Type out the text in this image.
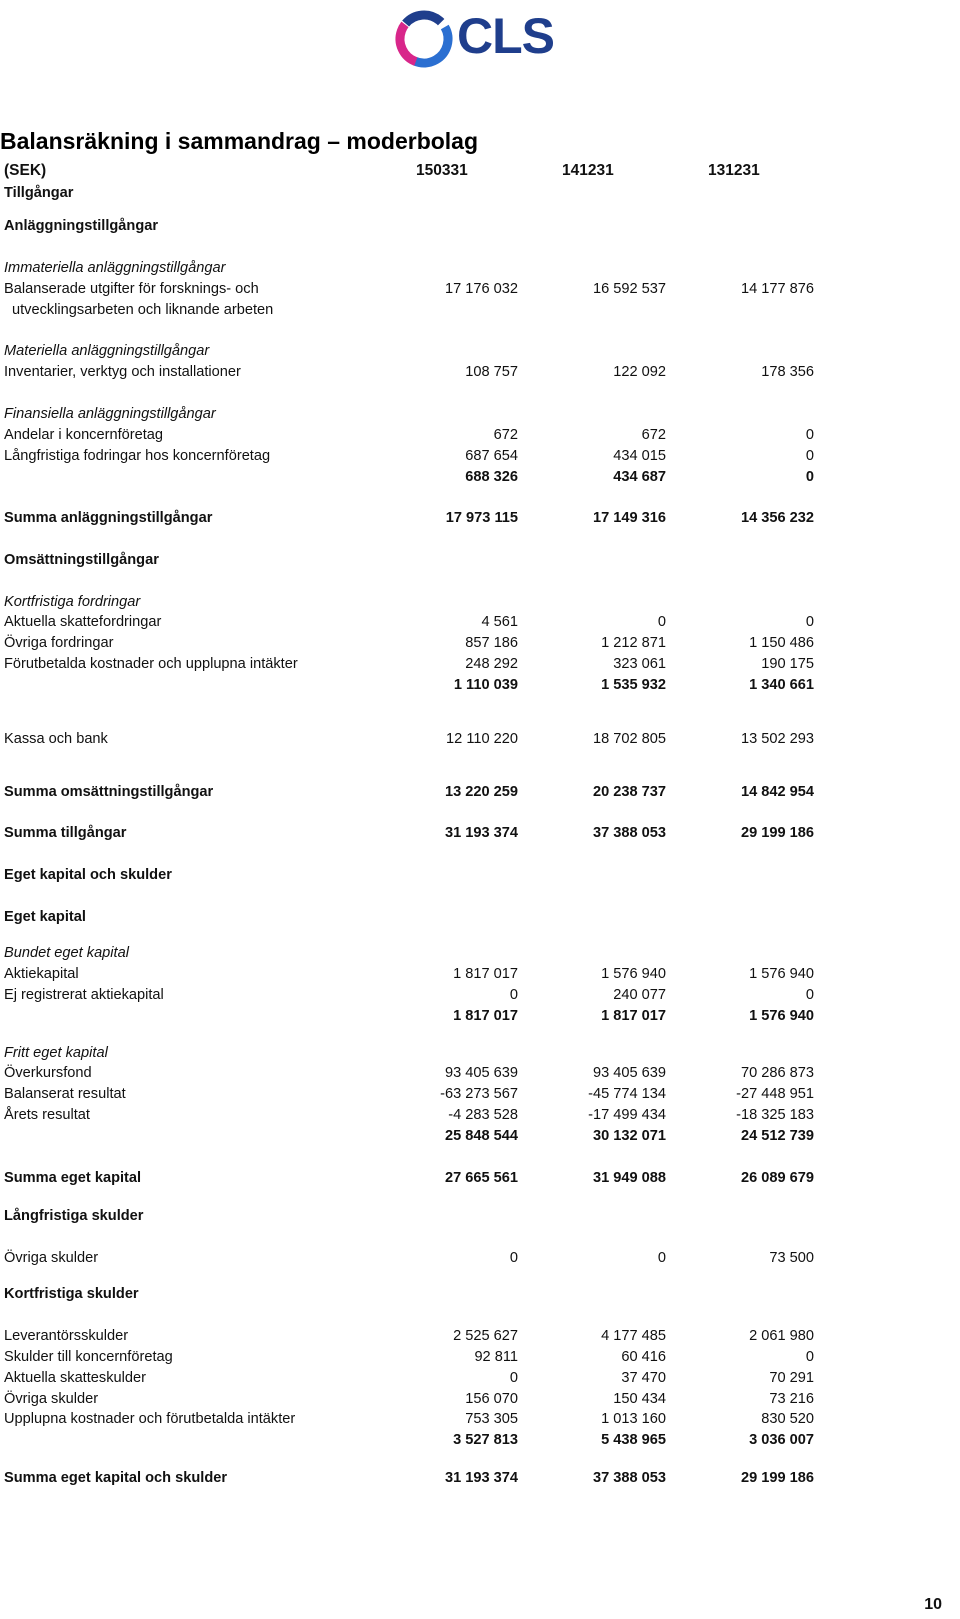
CLS
Balansräkning i sammandrag – moderbolag
(SEK)	150331	141231	131231
Tillgångar
Anläggningstillgångar
Immateriella anläggningstillgångar
Balanserade utgifter för forsknings- och	17 176 032	16 592 537	14 177 876
utvecklingsarbeten och liknande arbeten
Materiella anläggningstillgångar
Inventarier, verktyg och installationer	108 757	122 092	178 356
Finansiella anläggningstillgångar
Andelar i koncernföretag	672	672	0
Långfristiga fodringar hos koncernföretag	687 654	434 015	0
688 326	434 687	0
Summa anläggningstillgångar	17 973 115	17 149 316	14 356 232
Omsättningstillgångar
Kortfristiga fordringar
Aktuella skattefordringar	4 561	0	0
Övriga fordringar	857 186	1 212 871	1 150 486
Förutbetalda kostnader och upplupna intäkter	248 292	323 061	190 175
1 110 039	1 535 932	1 340 661
Kassa och bank	12 110 220	18 702 805	13 502 293
Summa omsättningstillgångar	13 220 259	20 238 737	14 842 954
Summa tillgångar	31 193 374	37 388 053	29 199 186
Eget kapital och skulder
Eget kapital
Bundet eget kapital
Aktiekapital	1 817 017	1 576 940	1 576 940
Ej registrerat aktiekapital	0	240 077	0
1 817 017	1 817 017	1 576 940
Fritt eget kapital
Överkursfond	93 405 639	93 405 639	70 286 873
Balanserat resultat	-63 273 567	-45 774 134	-27 448 951
Årets resultat	-4 283 528	-17 499 434	-18 325 183
25 848 544	30 132 071	24 512 739
Summa eget kapital	27 665 561	31 949 088	26 089 679
Långfristiga skulder
Övriga skulder	0	0	73 500
Kortfristiga skulder
Leverantörsskulder	2 525 627	4 177 485	2 061 980
Skulder till koncernföretag	92 811	60 416	0
Aktuella skatteskulder	0	37 470	70 291
Övriga skulder	156 070	150 434	73 216
Upplupna kostnader och förutbetalda intäkter	753 305	1 013 160	830 520
3 527 813	5 438 965	3 036 007
Summa eget kapital och skulder	31 193 374	37 388 053	29 199 186
10
